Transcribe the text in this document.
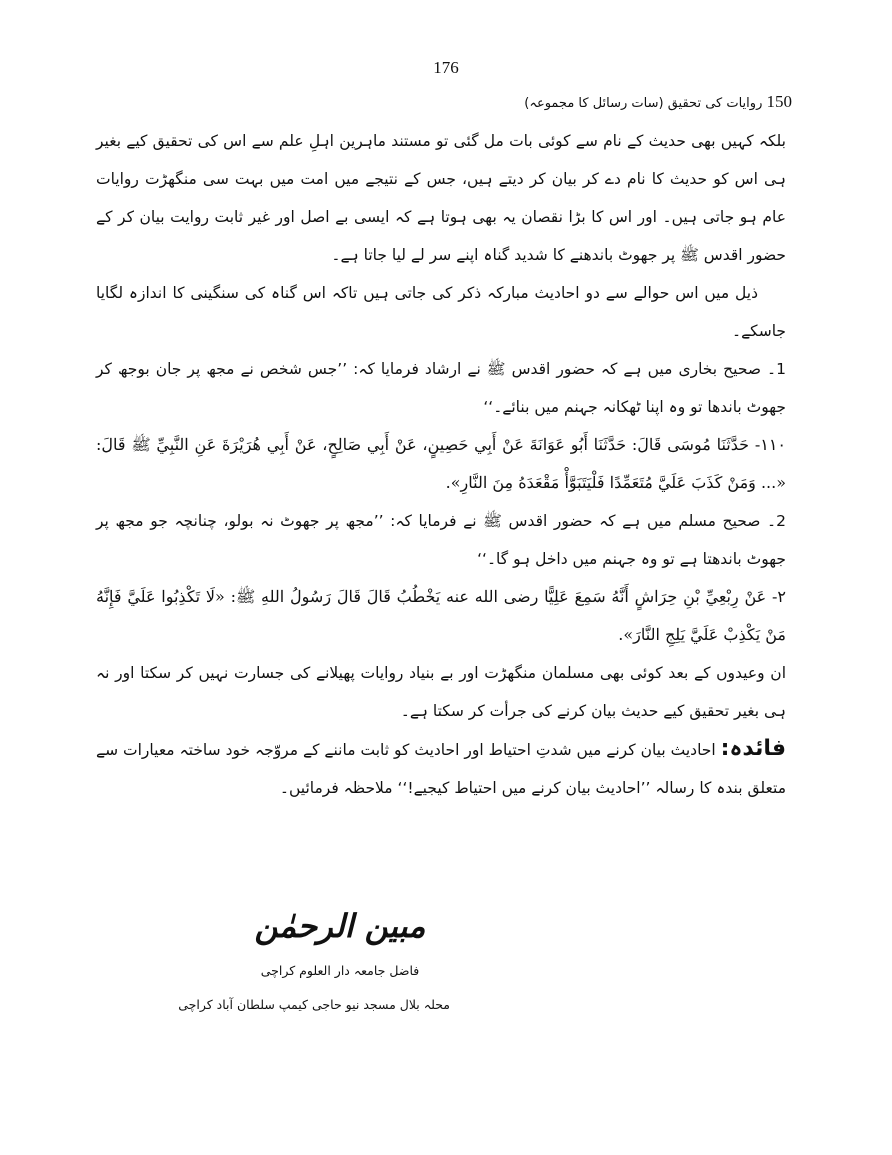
176
150 روایات کی تحقیق (سات رسائل کا مجموعہ)

بلکہ کہیں بھی حدیث کے نام سے کوئی بات مل گئی تو مستند ماہرین اہلِ علم سے اس کی تحقیق کیے بغیر ہی اس کو حدیث کا نام دے کر بیان کر دیتے ہیں، جس کے نتیجے میں امت میں بہت سی منگھڑت روایات عام ہو جاتی ہیں۔ اور اس کا بڑا نقصان یہ بھی ہوتا ہے کہ ایسی بے اصل اور غیر ثابت روایت بیان کر کے حضور اقدس ﷺ پر جھوٹ باندھنے کا شدید گناہ اپنے سر لے لیا جاتا ہے۔

ذیل میں اس حوالے سے دو احادیث مبارکہ ذکر کی جاتی ہیں تاکہ اس گناہ کی سنگینی کا اندازہ لگایا جاسکے۔

1۔ صحیح بخاری میں ہے کہ حضور اقدس ﷺ نے ارشاد فرمایا کہ: ’’جس شخص نے مجھ پر جان بوجھ کر جھوٹ باندھا تو وہ اپنا ٹھکانہ جہنم میں بنائے۔‘‘

١١٠- حَدَّثَنَا مُوسَى قَالَ: حَدَّثَنَا أَبُو عَوَانَةَ عَنْ أَبِي حَصِينٍ، عَنْ أَبِي صَالِحٍ، عَنْ أَبِي هُرَيْرَةَ عَنِ النَّبِيِّ ﷺ قَالَ: «... وَمَنْ كَذَبَ عَلَيَّ مُتَعَمِّدًا فَلْيَتَبَوَّأْ مَقْعَدَهُ مِنَ النَّارِ».

2۔ صحیح مسلم میں ہے کہ حضور اقدس ﷺ نے فرمایا کہ: ’’مجھ پر جھوٹ نہ بولو، چنانچہ جو مجھ پر جھوٹ باندھتا ہے تو وہ جہنم میں داخل ہو گا۔‘‘

٢- عَنْ رِبْعِيِّ بْنِ حِرَاشٍ أَنَّهُ سَمِعَ عَلِيًّا رضى الله عنه يَخْطُبُ قَالَ قَالَ رَسُولُ اللهِ ﷺ: «لَا تَكْذِبُوا عَلَيَّ فَإِنَّهُ مَنْ يَكْذِبْ عَلَيَّ يَلِجِ النَّارَ».

ان وعیدوں کے بعد کوئی بھی مسلمان منگھڑت اور بے بنیاد روایات پھیلانے کی جسارت نہیں کر سکتا اور نہ ہی بغیر تحقیق کیے حدیث بیان کرنے کی جرأت کر سکتا ہے۔

فائدہ: احادیث بیان کرنے میں شدتِ احتیاط اور احادیث کو ثابت ماننے کے مروّجہ خود ساختہ معیارات سے متعلق بندہ کا رسالہ ’’احادیث بیان کرنے میں احتیاط کیجیے!‘‘ ملاحظہ فرمائیں۔

مبین الرحمٰن
فاضل جامعہ دار العلوم کراچی
محلہ بلال مسجد نیو حاجی کیمپ سلطان آباد کراچی
